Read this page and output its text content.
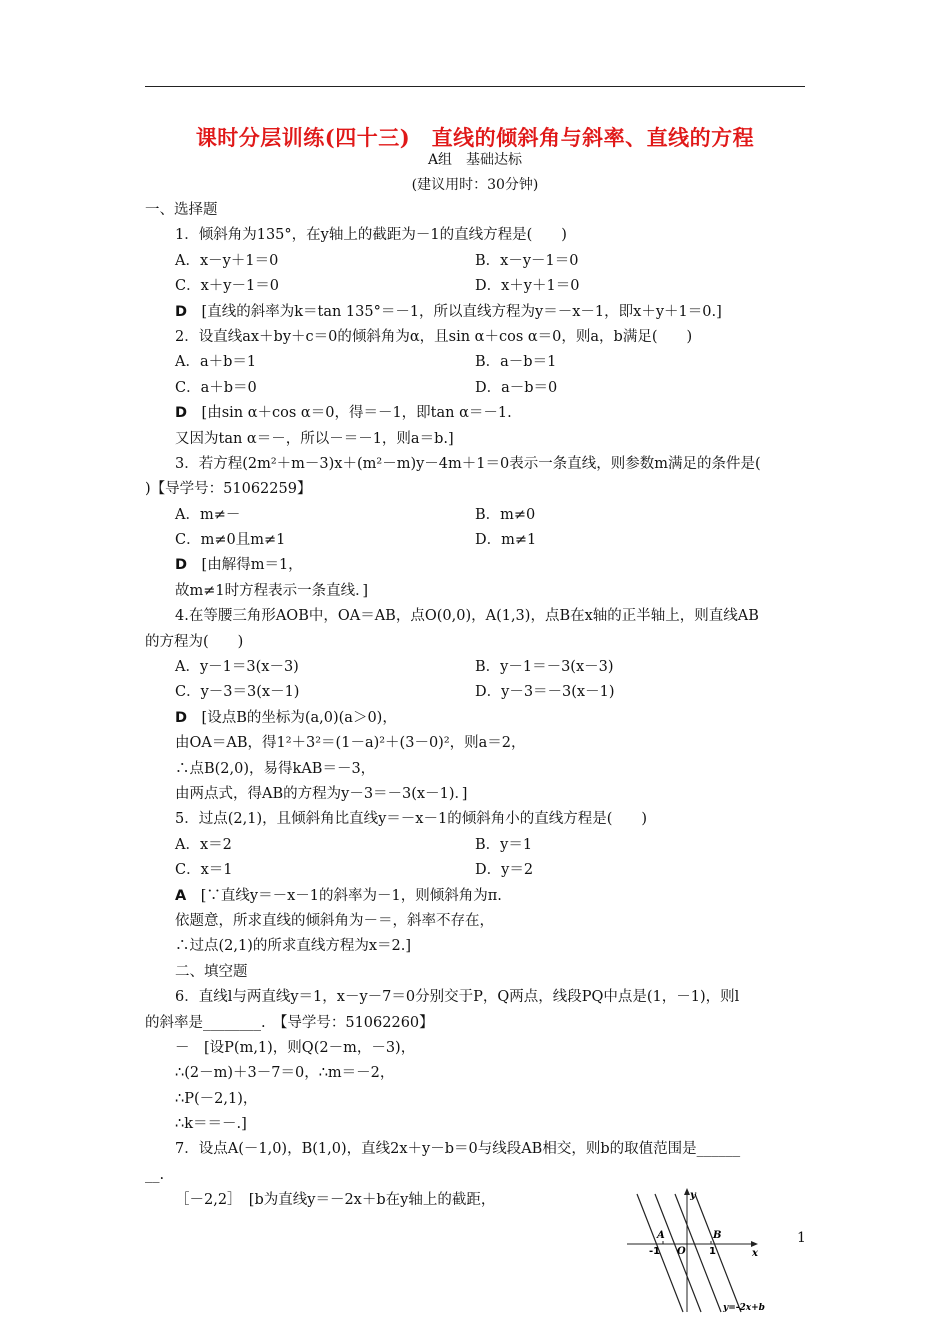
课时分层训练(四十三)　直线的倾斜角与斜率、直线的方程
A组　基础达标
(建议用时：30分钟)
一、选择题
1．倾斜角为135°，在y轴上的截距为－1的直线方程是(　　)
A．x－y＋1＝0	B．x－y－1＝0
C．x＋y－1＝0	D．x＋y＋1＝0
D　[直线的斜率为k＝tan 135°＝－1，所以直线方程为y＝－x－1，即x＋y＋1＝0.]
2．设直线ax＋by＋c＝0的倾斜角为α，且sin α＋cos α＝0，则a，b满足(　　)
A．a＋b＝1	B．a－b＝1
C．a＋b＝0	D．a－b＝0
D　[由sin α＋cos α＝0，得＝－1，即tan α＝－1.
又因为tan α＝－，所以－＝－1，则a＝b.]
3．若方程(2m²＋m－3)x＋(m²－m)y－4m＋1＝0表示一条直线，则参数m满足的条件是(
)【导学号：51062259】
A．m≠－	B．m≠0
C．m≠0且m≠1	D．m≠1
D　[由解得m＝1，
故m≠1时方程表示一条直线．]
4.在等腰三角形AOB中，OA＝AB，点O(0,0)，A(1,3)，点B在x轴的正半轴上，则直线AB
的方程为(　　)
A．y－1＝3(x－3)	B．y－1＝－3(x－3)
C．y－3＝3(x－1)	D．y－3＝－3(x－1)
D　[设点B的坐标为(a,0)(a＞0)，
由OA＝AB，得1²＋3²＝(1－a)²＋(3－0)²，则a＝2，
∴点B(2,0)，易得kAB＝－3，
由两点式，得AB的方程为y－3＝－3(x－1)．]
5．过点(2,1)，且倾斜角比直线y＝－x－1的倾斜角小的直线方程是(　　)
A．x＝2	B．y＝1
C．x＝1	D．y＝2
A　[∵直线y＝－x－1的斜率为－1，则倾斜角为π.
依题意，所求直线的倾斜角为－＝，斜率不存在，
∴过点(2,1)的所求直线方程为x＝2.]
二、填空题
6．直线l与两直线y＝1，x－y－7＝0分别交于P，Q两点，线段PQ中点是(1，－1)，则l
的斜率是________.　【导学号：51062260】
－　[设P(m,1)，则Q(2－m，－3)，
∴(2－m)＋3－7＝0，∴m＝－2，
∴P(－2,1)，
∴k＝＝－.]
7．设点A(－1,0)，B(1,0)，直线2x＋y－b＝0与线段AB相交，则b的取值范围是______
__.
［－2,2］　[b为直线y＝－2x＋b在y轴上的截距，	y
x
O
A	B
-1	1
y=-2x+b
1
